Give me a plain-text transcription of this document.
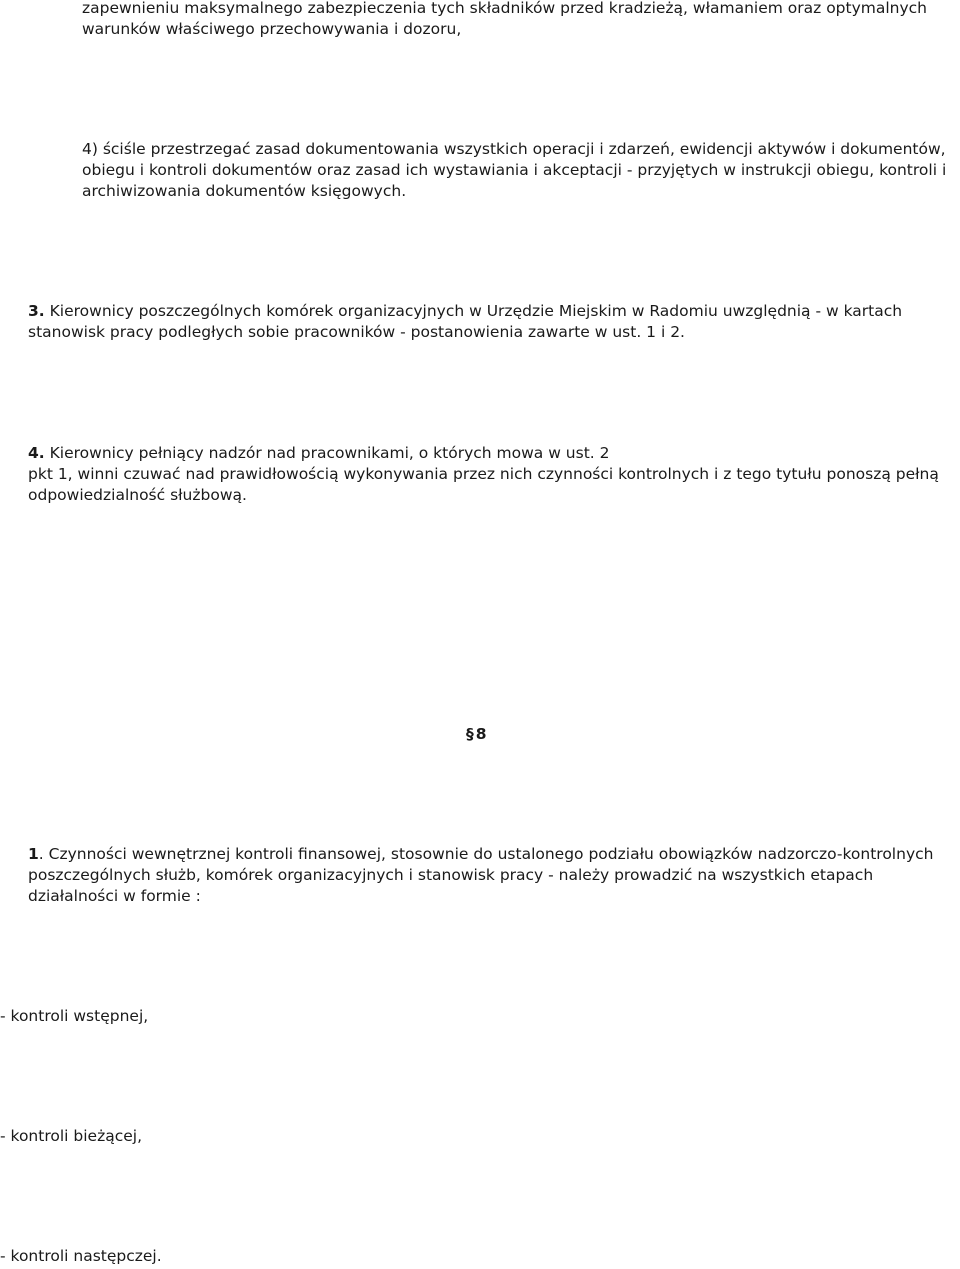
zapewnieniu maksymalnego zabezpieczenia tych składników przed kradzieżą, włamaniem oraz optymalnych warunków właściwego przechowywania i dozoru,

4) ściśle przestrzegać zasad dokumentowania wszystkich operacji i zdarzeń, ewidencji aktywów i dokumentów, obiegu i kontroli dokumentów oraz zasad ich wystawiania i akceptacji - przyjętych w instrukcji obiegu, kontroli i archiwizowania dokumentów księgowych.

3. Kierownicy poszczególnych komórek organizacyjnych w Urzędzie Miejskim w Radomiu uwzględnią - w kartach stanowisk pracy podległych sobie pracowników - postanowienia zawarte w ust. 1 i 2.

4. Kierownicy pełniący nadzór nad pracownikami, o których mowa w ust. 2
pkt 1, winni czuwać nad prawidłowością wykonywania przez nich czynności kontrolnych i z tego tytułu ponoszą pełną odpowiedzialność służbową.

§8

1. Czynności wewnętrznej kontroli finansowej, stosownie do ustalonego podziału obowiązków nadzorczo-kontrolnych poszczególnych służb, komórek organizacyjnych i stanowisk pracy - należy prowadzić na wszystkich etapach działalności w formie :

- kontroli wstępnej,

- kontroli bieżącej,

- kontroli następczej.
